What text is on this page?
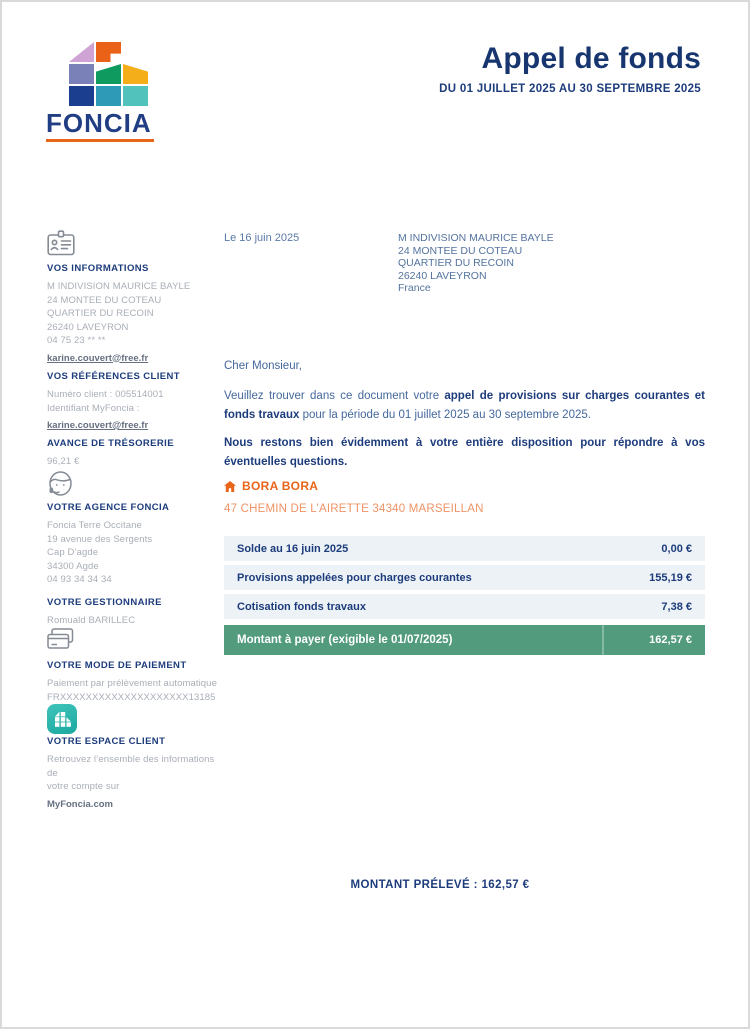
FONCIA
Appel de fonds
DU 01 JUILLET 2025 AU 30 SEPTEMBRE 2025
VOS INFORMATIONS
M INDIVISION MAURICE BAYLE
24 MONTEE DU COTEAU
QUARTIER DU RECOIN
26240 LAVEYRON
04 75 23 ** **
karine.couvert@free.fr
VOS RÉFÉRENCES CLIENT
Numéro client : 005514001
Identifiant MyFoncia :
karine.couvert@free.fr
AVANCE DE TRÉSORERIE
96,21 €
VOTRE AGENCE FONCIA
Foncia Terre Occitane
19 avenue des Sergents
Cap D’agde
34300 Agde
04 93 34 34 34
VOTRE GESTIONNAIRE
Romuald BARILLEC
VOTRE MODE DE PAIEMENT
Paiement par prélèvement automatique
FRXXXXXXXXXXXXXXXXXXXX13185
VOTRE ESPACE CLIENT
Retrouvez l’ensemble des informations de
votre compte sur
MyFoncia.com
Le 16 juin 2025	M INDIVISION MAURICE BAYLE
24 MONTEE DU COTEAU
QUARTIER DU RECOIN
26240 LAVEYRON
France
Cher Monsieur,
Veuillez trouver dans ce document votre appel de provisions sur charges courantes et fonds travaux pour la période du 01 juillet 2025 au 30 septembre 2025.
Nous restons bien évidemment à votre entière disposition pour répondre à vos éventuelles questions.
BORA BORA
47 CHEMIN DE L’AIRETTE 34340 MARSEILLAN
Solde au 16 juin 2025	0,00 €
Provisions appelées pour charges courantes	155,19 €
Cotisation fonds travaux	7,38 €
Montant à payer (exigible le 01/07/2025)	162,57 €
MONTANT PRÉLEVÉ : 162,57 €
